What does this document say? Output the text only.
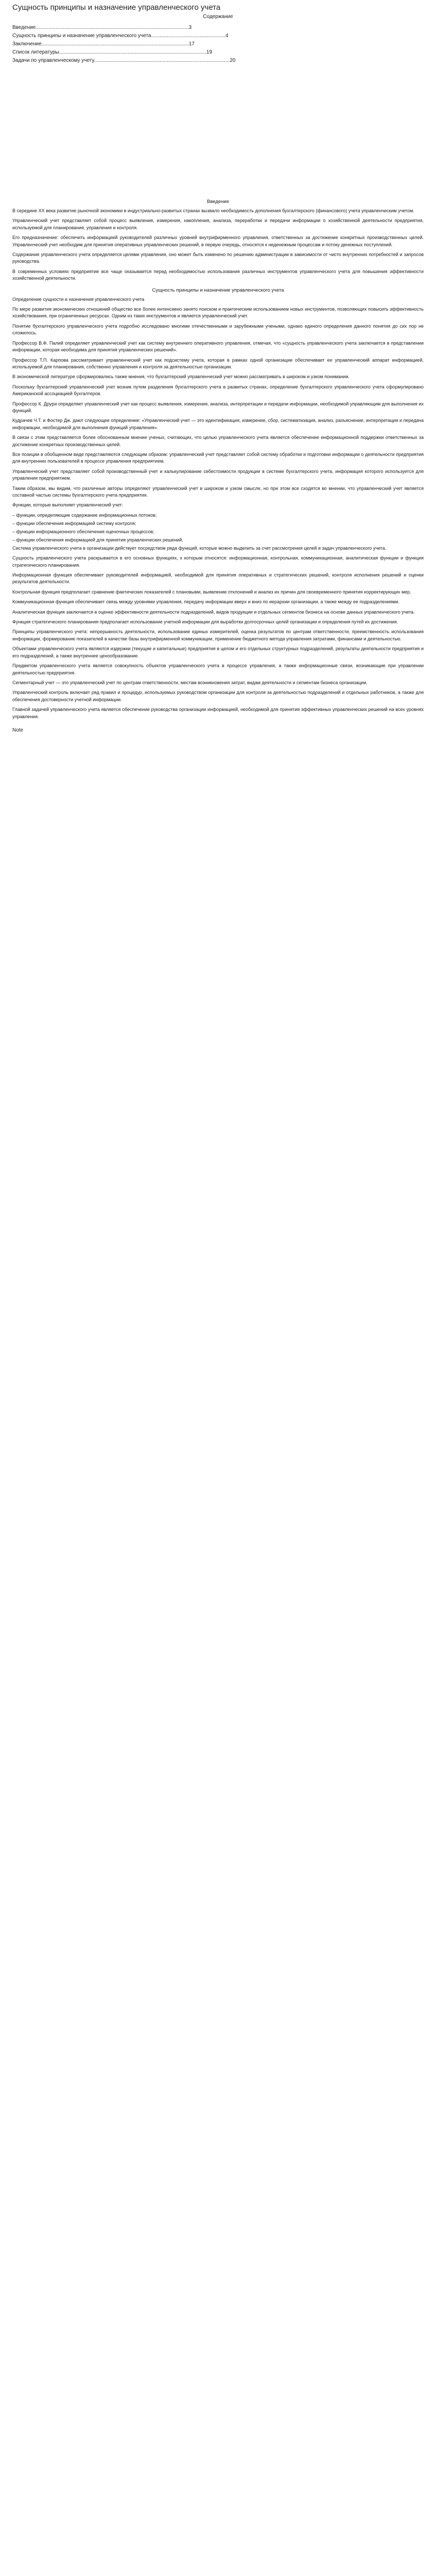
Сущность принципы и назначение управленческого учета
Содержание
Введение...........................................................................................................3
Сущность принципы и назначение управленческого учета....................................................4
Заключение.......................................................................................................17
Список литературы.......................................................................................................19
Задачи по управленческому учету...............................................................................................20
Введение

В середине XX века развитие рыночной экономики в индустриально-развитых странах вызвало необходимость дополнения бухгалтерского (финансового) учета управленческим учетом.

Управленческий учет представляет собой процесс выявления, измерения, накопления, анализа, переработки и передачи информации о хозяйственной деятельности предприятия, используемой для планирования, управления и контроля.

Его предназначение: обеспечить информацией руководителей различных уровней внутрифирменного управления, ответственных за достижение конкретных производственных целей. Управленческий учет необходим для принятия оперативных управленческих решений, в первую очередь, относятся к неденежным процессам и потоку денежных поступлений.

Содержание управленческого учета определяется целями управления, оно может быть изменено по решению администрации в зависимости от чисто внутренних потребностей и запросов руководства.

В современных условиях предприятие все чаще оказывается перед необходимостью использования различных инструментов управленческого учета для повышения эффективности хозяйственной деятельности.

Сущность принципы и назначение управленческого учета

Определение сущности и назначения управленческого учета

По мере развития экономических отношений общество все более интенсивно занято поиском и практическим использованием новых инструментов, позволяющих повысить эффективность хозяйствования, при ограниченных ресурсах. Одним из таких инструментов и является управленческий учет.

Понятие бухгалтерского управленческого учета подробно исследовано многими отечественными и зарубежными учеными, однако единого определения данного понятия до сих пор не сложилось.

Профессор В.Ф. Палий определяет управленческий учет как систему внутреннего оперативного управления, отмечая, что «сущность управленческого учета заключается в представлении информации, которая необходима для принятия управленческих решений».

Профессор Т.П. Карпова рассматривает управленческий учет как подсистему учета, которая в рамках одной организации обеспечивает ее управленческий аппарат информацией, используемой для планирования, собственно управления и контроля за деятельностью организации.

В экономической литературе сформировались также мнения, что бухгалтерский управленческий учет можно рассматривать в широком и узком понимании.

Поскольку бухгалтерский управленческий учет возник путем разделения бухгалтерского учета в развитых странах, определение бухгалтерского управленческого учета сформулировано Американской ассоциацией бухгалтеров.

Профессор К. Друри определяет управленческий учет как процесс выявления, измерения, анализа, интерпретации и передачи информации, необходимой управляющим для выполнения их функций.

Кудрачев Ч.Т. и Фостер Дж. дают следующее определение: «Управленческий учет — это идентификация, измерение, сбор, систематизация, анализ, разъяснение, интерпретация и передача информации, необходимой для выполнения функций управления».

В связи с этим представляется более обоснованным мнение ученых, считающих, что целью управленческого учета является обеспечение информационной поддержки ответственных за достижение конкретных производственных целей.

Все позиции в обобщенном виде представляются следующим образом: управленческий учет представляет собой систему обработки и подготовки информации о деятельности предприятия для внутренних пользователей в процессе управления предприятием.

Управленческий учет представляет собой производственный учет и калькулирование себестоимости продукции в системе бухгалтерского учета, информация которого используется для управления предприятием.

Таким образом, мы видим, что различные авторы определяют управленческий учет в широком и узком смысле, но при этом все сходятся во мнении, что управленческий учет является составной частью системы бухгалтерского учета предприятия.

Функции, которые выполняет управленческий учет:

– функции, определяющие содержание информационных потоков;

– функции обеспечения информацией систему контроля;

– функции информационного обеспечения оценочных процессов;

– функции обеспечения информацией для принятия управленческих решений.

Система управленческого учета в организации действует посредством ряда функций, которые можно выделить за счет рассмотрения целей и задач управленческого учета.

Сущность управленческого учета раскрывается в его основных функциях, к которым относятся: информационная, контрольная, коммуникационная, аналитическая функции и функция стратегического планирования.

Информационная функция обеспечивает руководителей информацией, необходимой для принятия оперативных и стратегических решений, контроля исполнения решений и оценки результатов деятельности.

Контрольная функция предполагает сравнение фактических показателей с плановыми, выявление отклонений и анализ их причин для своевременного принятия корректирующих мер.

Коммуникационная функция обеспечивает связь между уровнями управления, передачу информации вверх и вниз по иерархии организации, а также между ее подразделениями.

Аналитическая функция заключается в оценке эффективности деятельности подразделений, видов продукции и отдельных сегментов бизнеса на основе данных управленческого учета.

Функция стратегического планирования предполагает использование учетной информации для выработки долгосрочных целей организации и определения путей их достижения.

Принципы управленческого учета: непрерывность деятельности, использование единых измерителей, оценка результатов по центрам ответственности, преемственность использования информации, формирование показателей в качестве базы внутрифирменной коммуникации, применение бюджетного метода управления затратами, финансами и деятельностью.

Объектами управленческого учета являются издержки (текущие и капитальные) предприятия в целом и его отдельных структурных подразделений, результаты деятельности предприятия и его подразделений, а также внутреннее ценообразование.

Предметом управленческого учета является совокупность объектов управленческого учета в процессе управления, а также информационные связи, возникающие при управлении деятельностью предприятия.

Сегментарный учет — это управленческий учет по центрам ответственности, местам возникновения затрат, видам деятельности и сегментам бизнеса организации.

Управленческий контроль включает ряд правил и процедур, используемых руководством организации для контроля за деятельностью подразделений и отдельных работников, а также для обеспечения достоверности учетной информации.

Главной задачей управленческого учета является обеспечение руководства организации информацией, необходимой для принятия эффективных управленческих решений на всех уровнях управления.

Note
